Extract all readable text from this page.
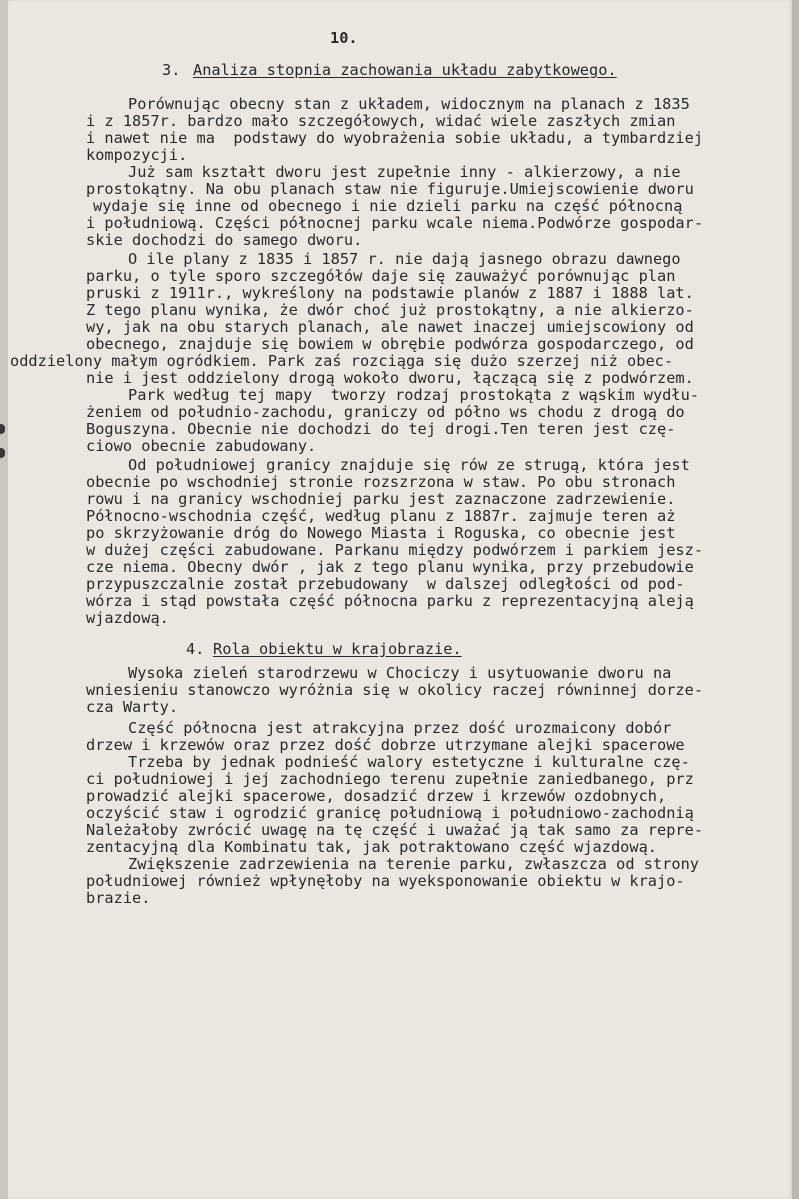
10.
3. Analiza stopnia zachowania układu zabytkowego.
Porównując obecny stan z układem, widocznym na planach z 1835
i z 1857r. bardzo mało szczegółowych, widać wiele zaszłych zmian
i nawet nie ma  podstawy do wyobrażenia sobie układu, a tymbardziej
kompozycji.
Już sam kształt dworu jest zupełnie inny - alkierzowy, a nie
prostokątny. Na obu planach staw nie figuruje.Umiejscowienie dworu
wydaje się inne od obecnego i nie dzieli parku na część północną
i południową. Części północnej parku wcale niema.Podwórze gospodar-
skie dochodzi do samego dworu.
O ile plany z 1835 i 1857 r. nie dają jasnego obrazu dawnego
parku, o tyle sporo szczegółów daje się zauważyć porównując plan
pruski z 1911r., wykreślony na podstawie planów z 1887 i 1888 lat.
Z tego planu wynika, że dwór choć już prostokątny, a nie alkierzo-
wy, jak na obu starych planach, ale nawet inaczej umiejscowiony od
obecnego, znajduje się bowiem w obrębie podwórza gospodarczego, od
oddzielony małym ogródkiem. Park zaś rozciąga się dużo szerzej niż obec-
nie i jest oddzielony drogą wokoło dworu, łączącą się z podwórzem.
Park według tej mapy  tworzy rodzaj prostokąta z wąskim wydłu-
żeniem od południo-zachodu, graniczy od półno ws chodu z drogą do
Boguszyna. Obecnie nie dochodzi do tej drogi.Ten teren jest czę-
ciowo obecnie zabudowany.
Od południowej granicy znajduje się rów ze strugą, która jest
obecnie po wschodniej stronie rozszrzona w staw. Po obu stronach
rowu i na granicy wschodniej parku jest zaznaczone zadrzewienie.
Północno-wschodnia część, według planu z 1887r. zajmuje teren aż
po skrzyżowanie dróg do Nowego Miasta i Roguska, co obecnie jest
w dużej części zabudowane. Parkanu między podwórzem i parkiem jesz-
cze niema. Obecny dwór , jak z tego planu wynika, przy przebudowie
przypuszczalnie został przebudowany  w dalszej odległości od pod-
wórza i stąd powstała część północna parku z reprezentacyjną aleją
wjazdową.
4. Rola obiektu w krajobrazie.
Wysoka zieleń starodrzewu w Chociczy i usytuowanie dworu na
wniesieniu stanowczo wyróżnia się w okolicy raczej równinnej dorze-
cza Warty.
Część północna jest atrakcyjna przez dość urozmaicony dobór
drzew i krzewów oraz przez dość dobrze utrzymane alejki spacerowe
Trzeba by jednak podnieść walory estetyczne i kulturalne czę-
ci południowej i jej zachodniego terenu zupełnie zaniedbanego, prz
prowadzić alejki spacerowe, dosadzić drzew i krzewów ozdobnych,
oczyścić staw i ogrodzić granicę południową i południowo-zachodnią
Należałoby zwrócić uwagę na tę część i uważać ją tak samo za repre-
zentacyjną dla Kombinatu tak, jak potraktowano część wjazdową.
Zwiększenie zadrzewienia na terenie parku, zwłaszcza od strony
południowej również wpłynęłoby na wyeksponowanie obiektu w krajo-
brazie.
